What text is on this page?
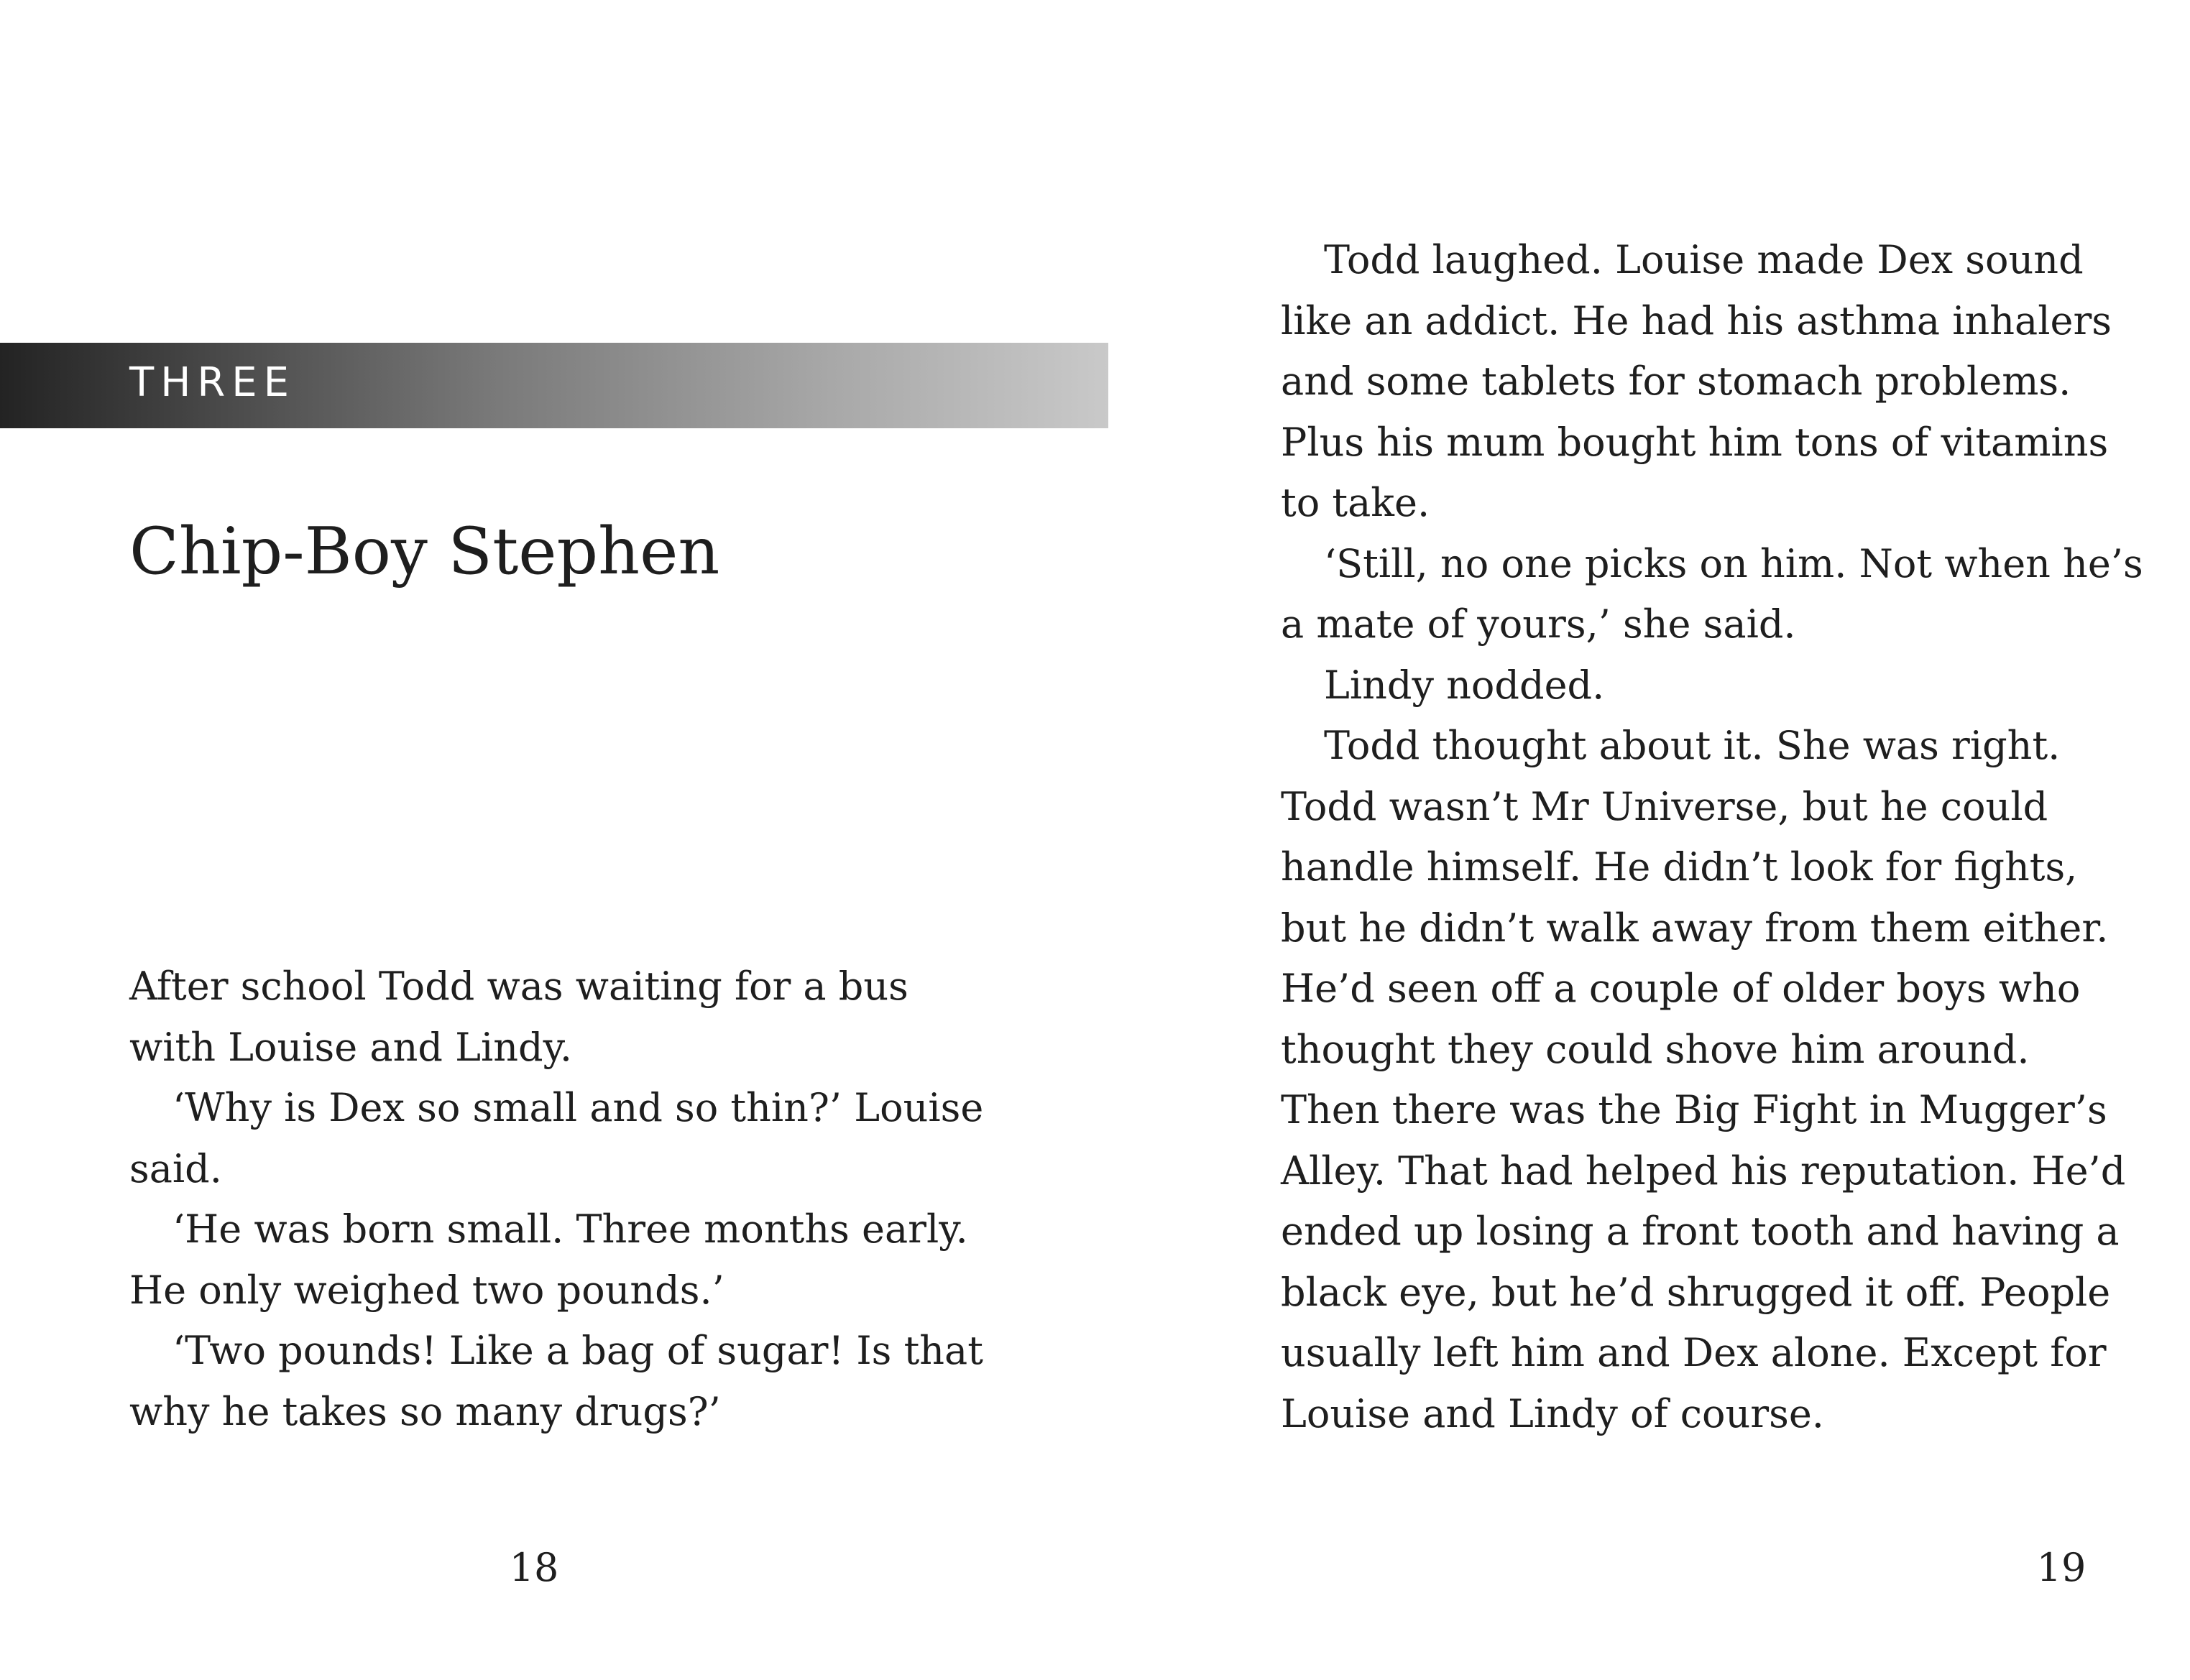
THREE
Chip-Boy Stephen
After school Todd was waiting for a bus
with Louise and Lindy.
‘Why is Dex so small and so thin?’ Louise
said.
‘He was born small. Three months early.
He only weighed two pounds.’
‘Two pounds! Like a bag of sugar! Is that
why he takes so many drugs?’
18	19
Todd laughed. Louise made Dex sound
like an addict. He had his asthma inhalers
and some tablets for stomach problems.
Plus his mum bought him tons of vitamins
to take.
‘Still, no one picks on him. Not when he’s
a mate of yours,’ she said.
Lindy nodded.
Todd thought about it. She was right.
Todd wasn’t Mr Universe, but he could
handle himself. He didn’t look for fights,
but he didn’t walk away from them either.
He’d seen off a couple of older boys who
thought they could shove him around.
Then there was the Big Fight in Mugger’s
Alley. That had helped his reputation. He’d
ended up losing a front tooth and having a
black eye, but he’d shrugged it off. People
usually left him and Dex alone. Except for
Louise and Lindy of course.
